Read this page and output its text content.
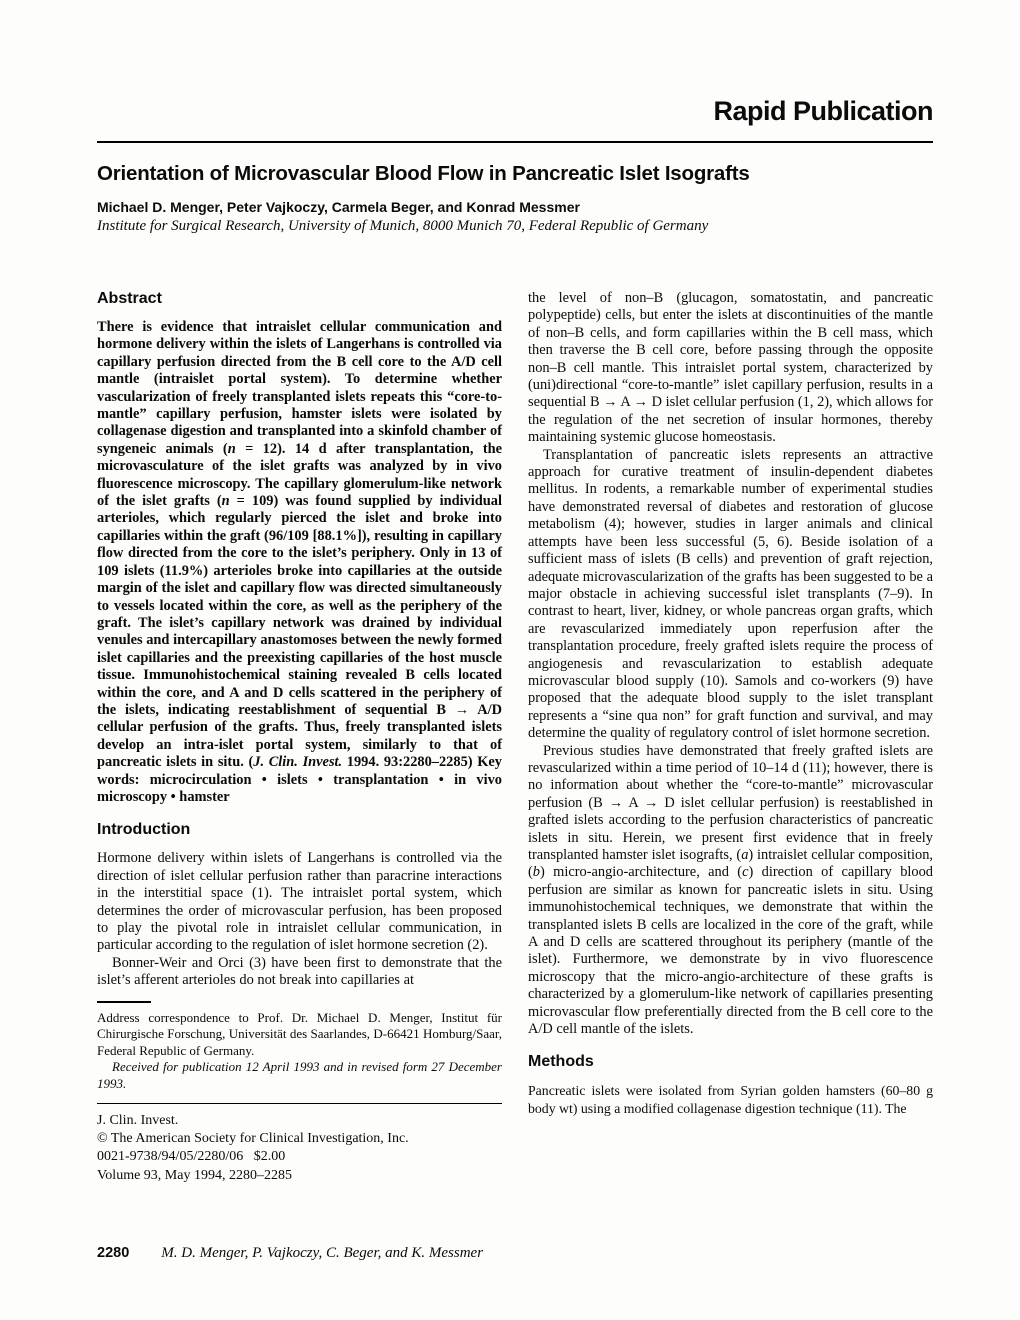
Rapid Publication
Orientation of Microvascular Blood Flow in Pancreatic Islet Isografts
Michael D. Menger, Peter Vajkoczy, Carmela Beger, and Konrad Messmer
Institute for Surgical Research, University of Munich, 8000 Munich 70, Federal Republic of Germany
Abstract

There is evidence that intraislet cellular communication and hormone delivery within the islets of Langerhans is controlled via capillary perfusion directed from the B cell core to the A/D cell mantle (intraislet portal system). To determine whether vascularization of freely transplanted islets repeats this “core-to-mantle” capillary perfusion, hamster islets were isolated by collagenase digestion and transplanted into a skinfold chamber of syngeneic animals (n = 12). 14 d after transplantation, the microvasculature of the islet grafts was analyzed by in vivo fluorescence microscopy. The capillary glomerulum-like network of the islet grafts (n = 109) was found supplied by individual arterioles, which regularly pierced the islet and broke into capillaries within the graft (96/109 [88.1%]), resulting in capillary flow directed from the core to the islet’s periphery. Only in 13 of 109 islets (11.9%) arterioles broke into capillaries at the outside margin of the islet and capillary flow was directed simultaneously to vessels located within the core, as well as the periphery of the graft. The islet’s capillary network was drained by individual venules and intercapillary anastomoses between the newly formed islet capillaries and the preexisting capillaries of the host muscle tissue. Immunohistochemical staining revealed B cells located within the core, and A and D cells scattered in the periphery of the islets, indicating reestablishment of sequential B → A/D cellular perfusion of the grafts. Thus, freely transplanted islets develop an intra-islet portal system, similarly to that of pancreatic islets in situ. (J. Clin. Invest. 1994. 93:2280–2285) Key words: microcirculation • islets • transplantation • in vivo microscopy • hamster

Introduction

Hormone delivery within islets of Langerhans is controlled via the direction of islet cellular perfusion rather than paracrine interactions in the interstitial space (1). The intraislet portal system, which determines the order of microvascular perfusion, has been proposed to play the pivotal role in intraislet cellular communication, in particular according to the regulation of islet hormone secretion (2).

Bonner-Weir and Orci (3) have been first to demonstrate that the islet’s afferent arterioles do not break into capillaries at

Address correspondence to Prof. Dr. Michael D. Menger, Institut für Chirurgische Forschung, Universität des Saarlandes, D-66421 Homburg/Saar, Federal Republic of Germany.

Received for publication 12 April 1993 and in revised form 27 December 1993.

J. Clin. Invest.
© The American Society for Clinical Investigation, Inc.
0021-9738/94/05/2280/06   $2.00
Volume 93, May 1994, 2280–2285

the level of non–B (glucagon, somatostatin, and pancreatic polypeptide) cells, but enter the islets at discontinuities of the mantle of non–B cells, and form capillaries within the B cell mass, which then traverse the B cell core, before passing through the opposite non–B cell mantle. This intraislet portal system, characterized by (uni)directional “core-to-mantle” islet capillary perfusion, results in a sequential B → A → D islet cellular perfusion (1, 2), which allows for the regulation of the net secretion of insular hormones, thereby maintaining systemic glucose homeostasis.

Transplantation of pancreatic islets represents an attractive approach for curative treatment of insulin-dependent diabetes mellitus. In rodents, a remarkable number of experimental studies have demonstrated reversal of diabetes and restoration of glucose metabolism (4); however, studies in larger animals and clinical attempts have been less successful (5, 6). Beside isolation of a sufficient mass of islets (B cells) and prevention of graft rejection, adequate microvascularization of the grafts has been suggested to be a major obstacle in achieving successful islet transplants (7–9). In contrast to heart, liver, kidney, or whole pancreas organ grafts, which are revascularized immediately upon reperfusion after the transplantation procedure, freely grafted islets require the process of angiogenesis and revascularization to establish adequate microvascular blood supply (10). Samols and co-workers (9) have proposed that the adequate blood supply to the islet transplant represents a “sine qua non” for graft function and survival, and may determine the quality of regulatory control of islet hormone secretion.

Previous studies have demonstrated that freely grafted islets are revascularized within a time period of 10–14 d (11); however, there is no information about whether the “core-to-mantle” microvascular perfusion (B → A → D islet cellular perfusion) is reestablished in grafted islets according to the perfusion characteristics of pancreatic islets in situ. Herein, we present first evidence that in freely transplanted hamster islet isografts, (a) intraislet cellular composition, (b) micro-angio-architecture, and (c) direction of capillary blood perfusion are similar as known for pancreatic islets in situ. Using immunohistochemical techniques, we demonstrate that within the transplanted islets B cells are localized in the core of the graft, while A and D cells are scattered throughout its periphery (mantle of the islet). Furthermore, we demonstrate by in vivo fluorescence microscopy that the micro-angio-architecture of these grafts is characterized by a glomerulum-like network of capillaries presenting microvascular flow preferentially directed from the B cell core to the A/D cell mantle of the islets.

Methods

Pancreatic islets were isolated from Syrian golden hamsters (60–80 g body wt) using a modified collagenase digestion technique (11). The

2280 M. D. Menger, P. Vajkoczy, C. Beger, and K. Messmer
